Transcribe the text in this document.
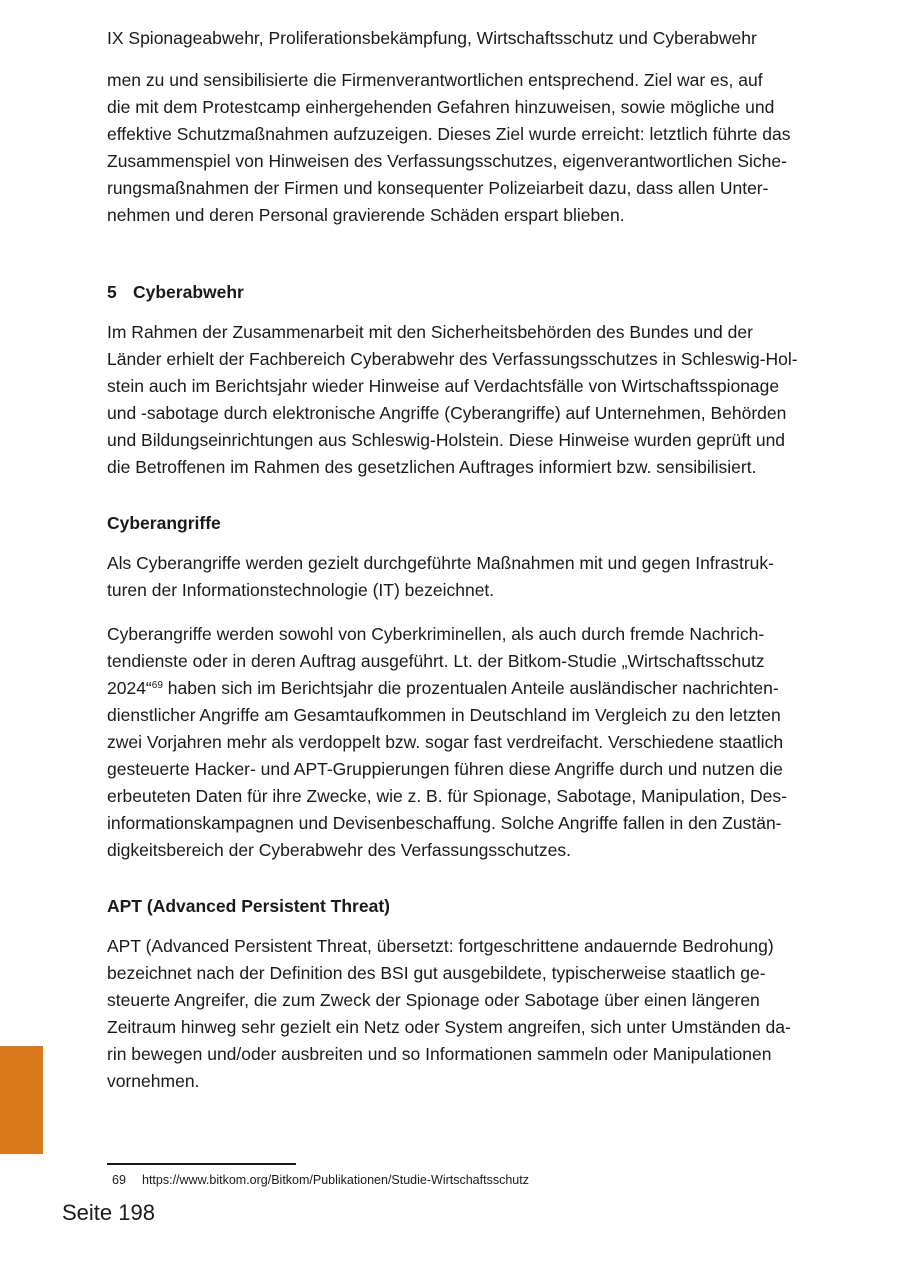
IX Spionageabwehr, Proliferationsbekämpfung, Wirtschaftsschutz und Cyberabwehr
men zu und sensibilisierte die Firmenverantwortlichen entsprechend. Ziel war es, auf
die mit dem Protestcamp einhergehenden Gefahren hinzuweisen, sowie mögliche und
effektive Schutzmaßnahmen aufzuzeigen. Dieses Ziel wurde erreicht: letztlich führte das
Zusammenspiel von Hinweisen des Verfassungsschutzes, eigenverantwortlichen Siche-
rungsmaßnahmen der Firmen und konsequenter Polizeiarbeit dazu, dass allen Unter-
nehmen und deren Personal gravierende Schäden erspart blieben.
5 Cyberabwehr
Im Rahmen der Zusammenarbeit mit den Sicherheitsbehörden des Bundes und der
Länder erhielt der Fachbereich Cyberabwehr des Verfassungsschutzes in Schleswig-Hol-
stein auch im Berichtsjahr wieder Hinweise auf Verdachtsfälle von Wirtschaftsspionage
und -sabotage durch elektronische Angriffe (Cyberangriffe) auf Unternehmen, Behörden
und Bildungseinrichtungen aus Schleswig-Holstein. Diese Hinweise wurden geprüft und
die Betroffenen im Rahmen des gesetzlichen Auftrages informiert bzw. sensibilisiert.
Cyberangriffe
Als Cyberangriffe werden gezielt durchgeführte Maßnahmen mit und gegen Infrastruk-
turen der Informationstechnologie (IT) bezeichnet.
Cyberangriffe werden sowohl von Cyberkriminellen, als auch durch fremde Nachrich-
tendienste oder in deren Auftrag ausgeführt. Lt. der Bitkom-Studie „Wirtschaftsschutz
2024“$^{69}$ haben sich im Berichtsjahr die prozentualen Anteile ausländischer nachrichten-
dienstlicher Angriffe am Gesamtaufkommen in Deutschland im Vergleich zu den letzten
zwei Vorjahren mehr als verdoppelt bzw. sogar fast verdreifacht. Verschiedene staatlich
gesteuerte Hacker- und APT-Gruppierungen führen diese Angriffe durch und nutzen die
erbeuteten Daten für ihre Zwecke, wie z. B. für Spionage, Sabotage, Manipulation, Des-
informationskampagnen und Devisenbeschaffung. Solche Angriffe fallen in den Zustän-
digkeitsbereich der Cyberabwehr des Verfassungsschutzes.
APT (Advanced Persistent Threat)
APT (Advanced Persistent Threat, übersetzt: fortgeschrittene andauernde Bedrohung)
bezeichnet nach der Definition des BSI gut ausgebildete, typischerweise staatlich ge-
steuerte Angreifer, die zum Zweck der Spionage oder Sabotage über einen längeren
Zeitraum hinweg sehr gezielt ein Netz oder System angreifen, sich unter Umständen da-
rin bewegen und/oder ausbreiten und so Informationen sammeln oder Manipulationen
vornehmen.
69 https://www.bitkom.org/Bitkom/Publikationen/Studie-Wirtschaftsschutz
Seite 198
